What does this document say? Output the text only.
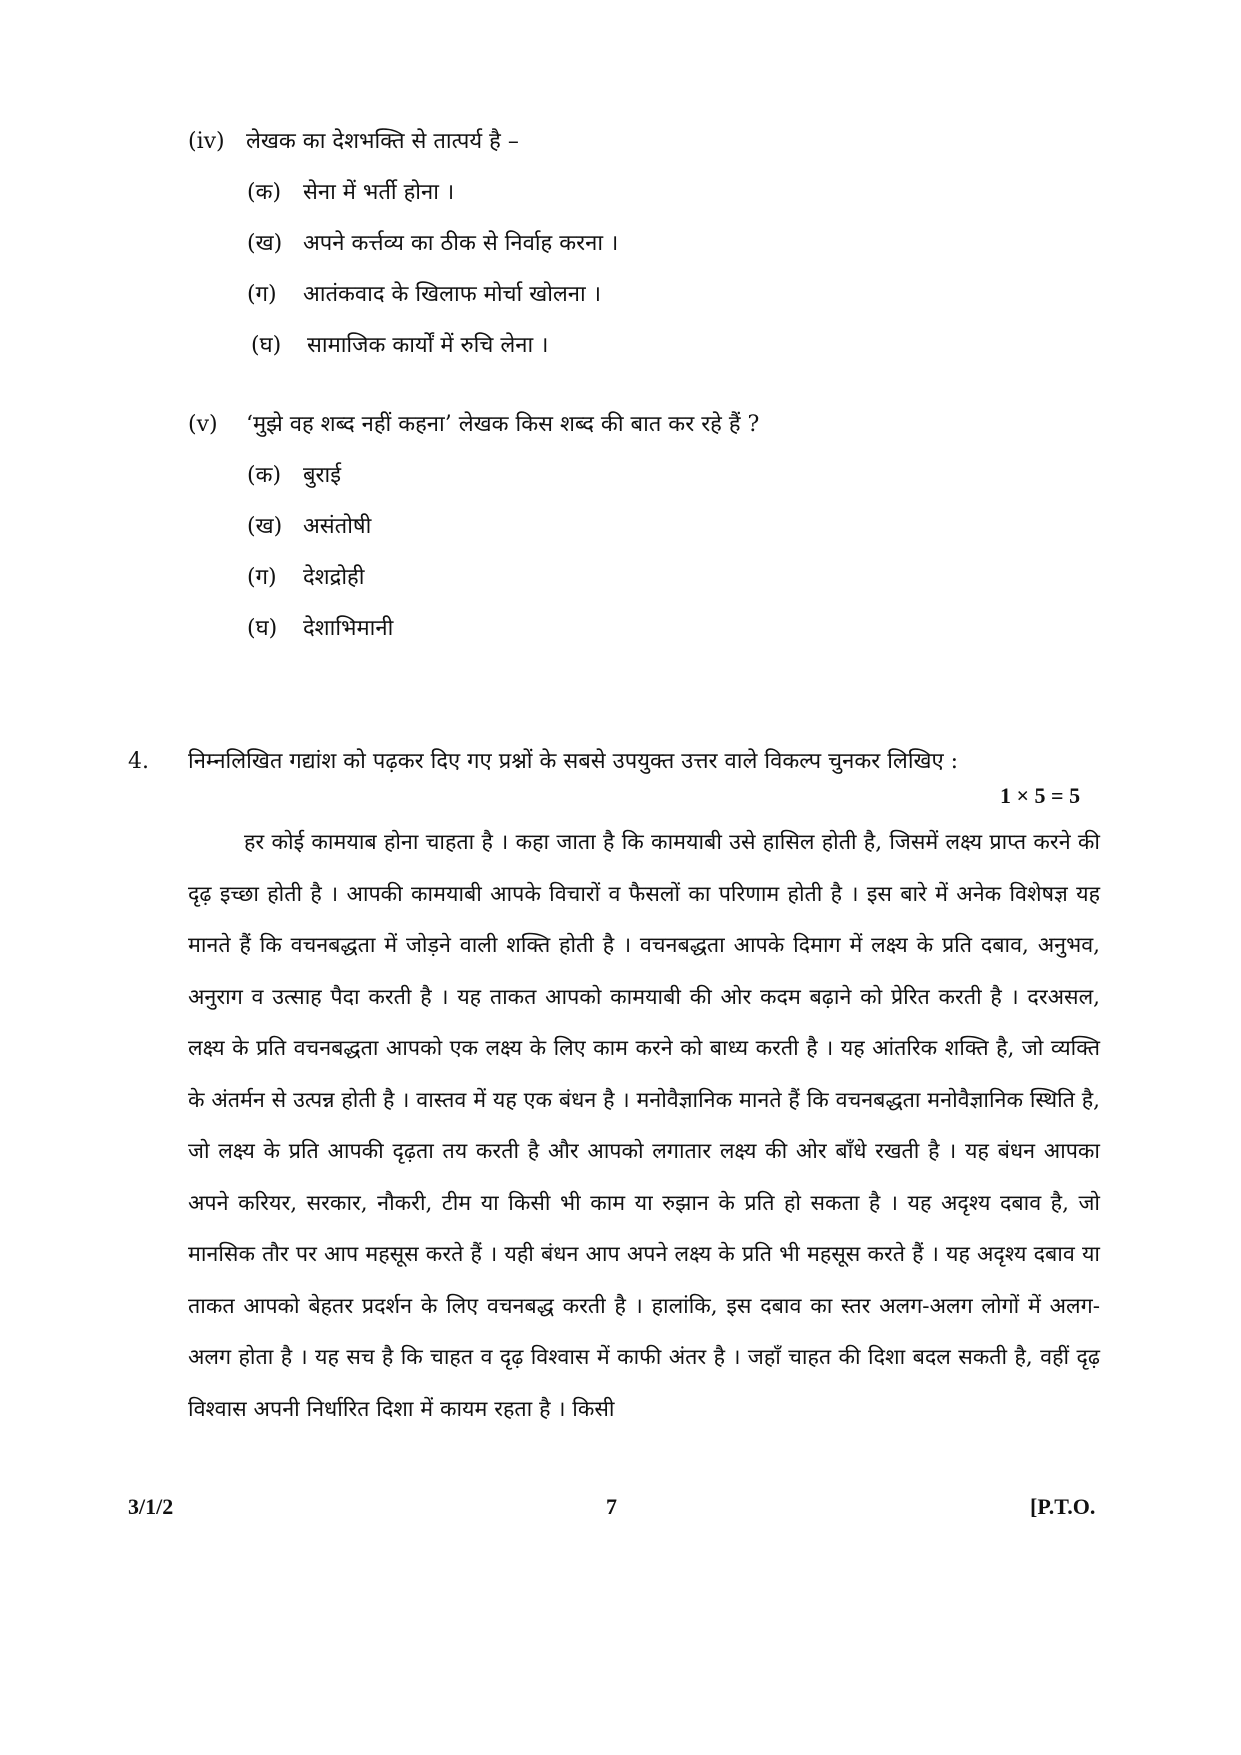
(iv) लेखक का देशभक्ति से तात्पर्य है –
(क) सेना में भर्ती होना ।
(ख) अपने कर्त्तव्य का ठीक से निर्वाह करना ।
(ग) आतंकवाद के खिलाफ मोर्चा खोलना ।
(घ) सामाजिक कार्यों में रुचि लेना ।
(v) ‘मुझे वह शब्द नहीं कहना’ लेखक किस शब्द की बात कर रहे हैं ?
(क) बुराई
(ख) असंतोषी
(ग) देशद्रोही
(घ) देशाभिमानी
4. निम्नलिखित गद्यांश को पढ़कर दिए गए प्रश्नों के सबसे उपयुक्त उत्तर वाले विकल्प चुनकर लिखिए :
1 × 5 = 5

हर कोई कामयाब होना चाहता है । कहा जाता है कि कामयाबी उसे हासिल होती है, जिसमें लक्ष्य प्राप्त करने की दृढ़ इच्छा होती है । आपकी कामयाबी आपके विचारों व फैसलों का परिणाम होती है । इस बारे में अनेक विशेषज्ञ यह मानते हैं कि वचनबद्धता में जोड़ने वाली शक्ति होती है । वचनबद्धता आपके दिमाग में लक्ष्य के प्रति दबाव, अनुभव, अनुराग व उत्साह पैदा करती है । यह ताकत आपको कामयाबी की ओर कदम बढ़ाने को प्रेरित करती है । दरअसल, लक्ष्य के प्रति वचनबद्धता आपको एक लक्ष्य के लिए काम करने को बाध्य करती है । यह आंतरिक शक्ति है, जो व्यक्ति के अंतर्मन से उत्पन्न होती है । वास्तव में यह एक बंधन है । मनोवैज्ञानिक मानते हैं कि वचनबद्धता मनोवैज्ञानिक स्थिति है, जो लक्ष्य के प्रति आपकी दृढ़ता तय करती है और आपको लगातार लक्ष्य की ओर बाँधे रखती है । यह बंधन आपका अपने करियर, सरकार, नौकरी, टीम या किसी भी काम या रुझान के प्रति हो सकता है । यह अदृश्य दबाव है, जो मानसिक तौर पर आप महसूस करते हैं । यही बंधन आप अपने लक्ष्य के प्रति भी महसूस करते हैं । यह अदृश्य दबाव या ताकत आपको बेहतर प्रदर्शन के लिए वचनबद्ध करती है । हालांकि, इस दबाव का स्तर अलग-अलग लोगों में अलग-अलग होता है । यह सच है कि चाहत व दृढ़ विश्वास में काफी अंतर है । जहाँ चाहत की दिशा बदल सकती है, वहीं दृढ़ विश्वास अपनी निर्धारित दिशा में कायम रहता है । किसी

3/1/2	7	[P.T.O.
